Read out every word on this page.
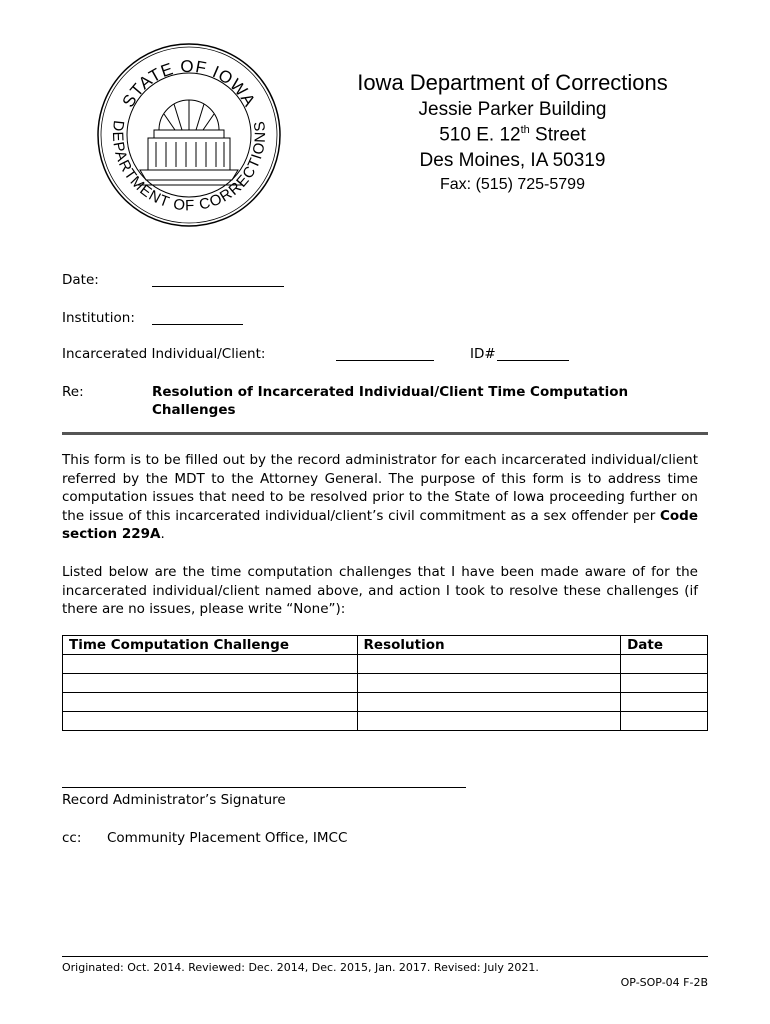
STATE OF IOWA
DEPARTMENT OF CORRECTIONS
Iowa Department of Corrections
Jessie Parker Building
510 E. 12th Street
Des Moines, IA 50319
Fax: (515) 725-5799
Date:
Institution:
Incarcerated Individual/Client:	ID#
Re:	Resolution of Incarcerated Individual/Client Time Computation
Challenges
This form is to be filled out by the record administrator for each incarcerated individual/client referred by the MDT to the Attorney General. The purpose of this form is to address time computation issues that need to be resolved prior to the State of Iowa proceeding further on the issue of this incarcerated individual/client’s civil commitment as a sex offender per Code section 229A.
Listed below are the time computation challenges that I have been made aware of for the incarcerated individual/client named above, and action I took to resolve these challenges (if there are no issues, please write “None”):
Time Computation Challenge	Resolution	Date

Record Administrator’s Signature
cc: Community Placement Office, IMCC
Originated: Oct. 2014. Reviewed: Dec. 2014, Dec. 2015, Jan. 2017. Revised: July 2021.
OP-SOP-04 F-2B
